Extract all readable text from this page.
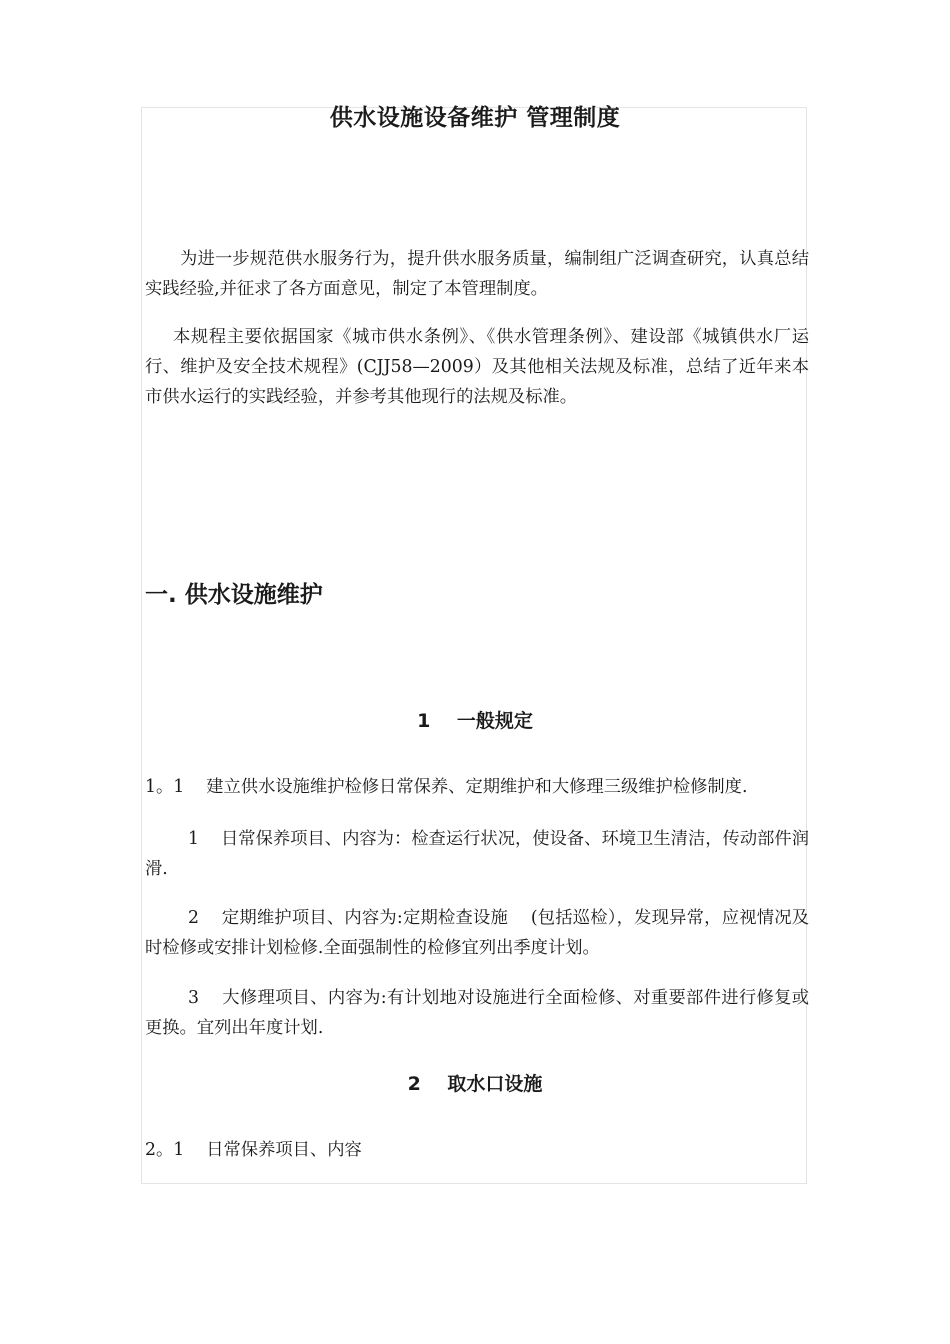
供水设施设备维护 管理制度

为进一步规范供水服务行为，提升供水服务质量，编制组广泛调查研究，认真总结实践经验,并征求了各方面意见，制定了本管理制度。

本规程主要依据国家《城市供水条例》、《供水管理条例》、建设部《城镇供水厂运行、维护及安全技术规程》(CJJ58—2009）及其他相关法规及标准，总结了近年来本市供水运行的实践经验，并参考其他现行的法规及标准。

一. 供水设施维护
1    一般规定

1。1    建立供水设施维护检修日常保养、定期维护和大修理三级维护检修制度.

1    日常保养项目、内容为：检查运行状况，使设备、环境卫生清洁，传动部件润滑.

2    定期维护项目、内容为:定期检查设施    (包括巡检），发现异常，应视情况及时检修或安排计划检修.全面强制性的检修宜列出季度计划。

3    大修理项目、内容为:有计划地对设施进行全面检修、对重要部件进行修复或更换。宜列出年度计划.

2    取水口设施

2。1    日常保养项目、内容
